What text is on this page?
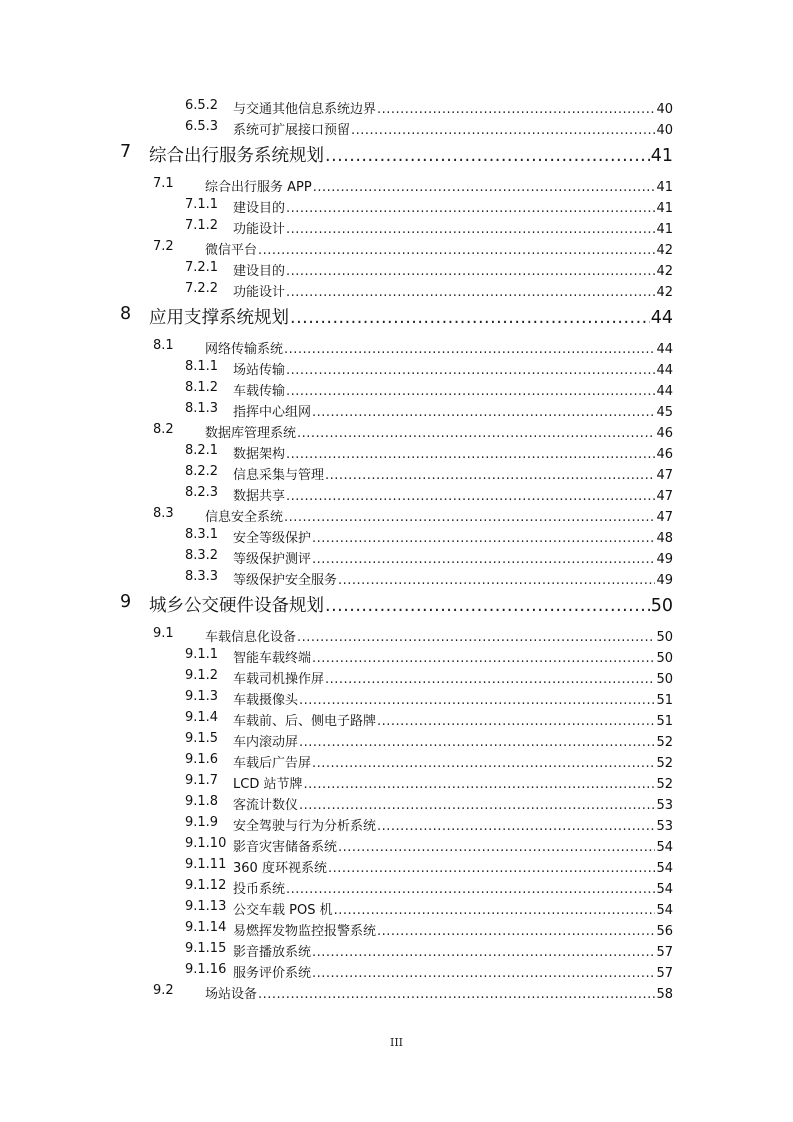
6.5.2 与交通其他信息系统边界 .....	40
6.5.3 系统可扩展接口预留 .....	40
7 综合出行服务系统规划 .....	41
7.1 综合出行服务 APP .....	41
7.1.1 建设目的 .....	41
7.1.2 功能设计 .....	41
7.2 微信平台 .....	42
7.2.1 建设目的 .....	42
7.2.2 功能设计 .....	42
8 应用支撑系统规划 .....	44
8.1 网络传输系统 .....	44
8.1.1 场站传输 .....	44
8.1.2 车载传输 .....	44
8.1.3 指挥中心组网 .....	45
8.2 数据库管理系统 .....	46
8.2.1 数据架构 .....	46
8.2.2 信息采集与管理 .....	47
8.2.3 数据共享 .....	47
8.3 信息安全系统 .....	47
8.3.1 安全等级保护 .....	48
8.3.2 等级保护测评 .....	49
8.3.3 等级保护安全服务 .....	49
9 城乡公交硬件设备规划 .....	50
9.1 车载信息化设备 .....	50
9.1.1 智能车载终端 .....	50
9.1.2 车载司机操作屏 .....	50
9.1.3 车载摄像头 .....	51
9.1.4 车载前、后、侧电子路牌 .....	51
9.1.5 车内滚动屏 .....	52
9.1.6 车载后广告屏 .....	52
9.1.7 LCD 站节牌 .....	52
9.1.8 客流计数仪 .....	53
9.1.9 安全驾驶与行为分析系统 .....	53
9.1.10 影音灾害储备系统 .....	54
9.1.11 360 度环视系统 .....	54
9.1.12 投币系统 .....	54
9.1.13 公交车载 POS 机 .....	54
9.1.14 易燃挥发物监控报警系统 .....	56
9.1.15 影音播放系统 .....	57
9.1.16 服务评价系统 .....	57
9.2 场站设备 .....	58
III
